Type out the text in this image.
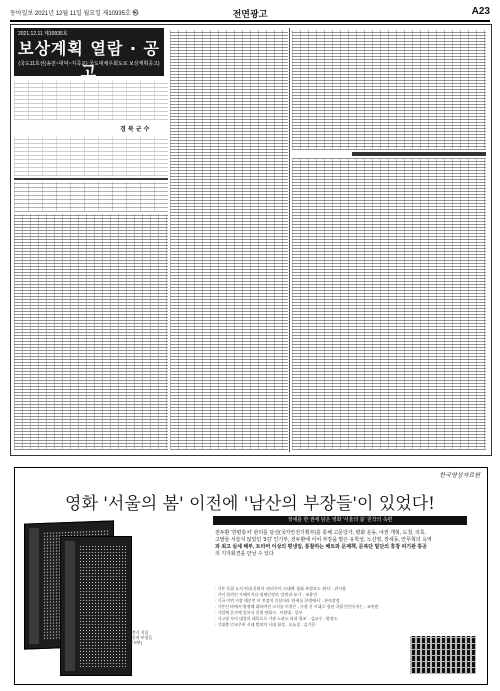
동아일보 2021년 12월 11일 월요일 제10935호 ㉿	전면광고	A23
2021.12.11 제10935호
보상계획 열람 · 공고
(국도11호선(송전~대덕~지곡교) 국도대체우회도로 보상계획공고)
경 북 군 수
한국영상자료원
영화 '서울의 봄' 이전에 '남산의 부장들'이 있었다!
김충식 지음
남산의 부장들
(증보판)
정세를 한 권에 담은 영화 '서울의 봄' 원작의 속편
전두환 '한편통치' 관리를 담선(국가안전기획부)를 통해 고문당가, 평화 운동, 야권 개혁, 도청, 의혹,
고발들 서슬지 않았던 '3김' 인기부, 전두환에 이어 부장을 맡은 유학성, 노신영, 장세동, 안무혁의 옥역
과 최고 실세 해부, 트라머 이상의 평냉일, 통찰하는 배트와 문제책, 문복단 밑단의 휴창 피기관 통공
의 기자회견을 만날 수 있다
· 기본 독립 도서 연대 한편의 '관리주의 시대에' 평화 특별보도 '관사' - 관사용
· 기이 엄격인 가해이지다 정제인정의 '강연과 보기' - 조용민
· 기국 이번 지장 때문인 이 전정치 건설이라 '관세를 한정에서' - 관직장정
· 기본인 바에서 방정해 대하여진 크지를 이것은 - 가정 신 시대로 정권 국립 안민등지는 - 조연관
· 기업체 문진에 있어서 일제 변화가 - 이원대 - 일부
· 기고정 자의 대상의 대목으로 기관 노관도 의과 철조' - 김교수 - 양정도
· 기대출 민교주의 시대 범죄의 시대 형성 - 오늘경 - 김기한
